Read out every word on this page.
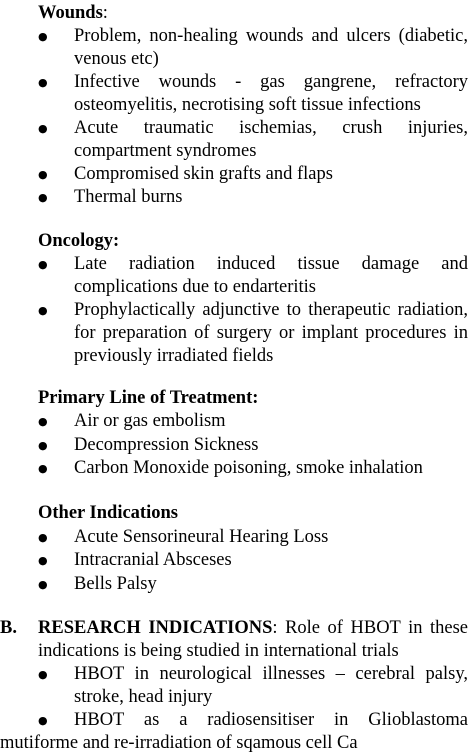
Wounds:
●	Problem, non-healing wounds and ulcers (diabetic, venous etc)
●	Infective wounds - gas gangrene, refractory osteomyelitis, necrotising soft tissue infections
●	Acute traumatic ischemias, crush injuries, compartment syndromes
●	Compromised skin grafts and flaps
●	Thermal burns
Oncology:
●	Late radiation induced tissue damage and complications due to endarteritis
●	Prophylactically adjunctive to therapeutic radiation, for preparation of surgery or implant procedures in previously irradiated fields
Primary Line of Treatment:
●	Air or gas embolism
●	Decompression Sickness
●	Carbon Monoxide poisoning, smoke inhalation
Other Indications
●	Acute Sensorineural Hearing Loss
●	Intracranial Absceses
●	Bells Palsy
B. RESEARCH INDICATIONS: Role of HBOT in these indications is being studied in international trials
●	HBOT in neurological illnesses – cerebral palsy, stroke, head injury
●	HBOT as a radiosensitiser in Glioblastoma mutiforme and re-irradiation of sqamous cell Ca
